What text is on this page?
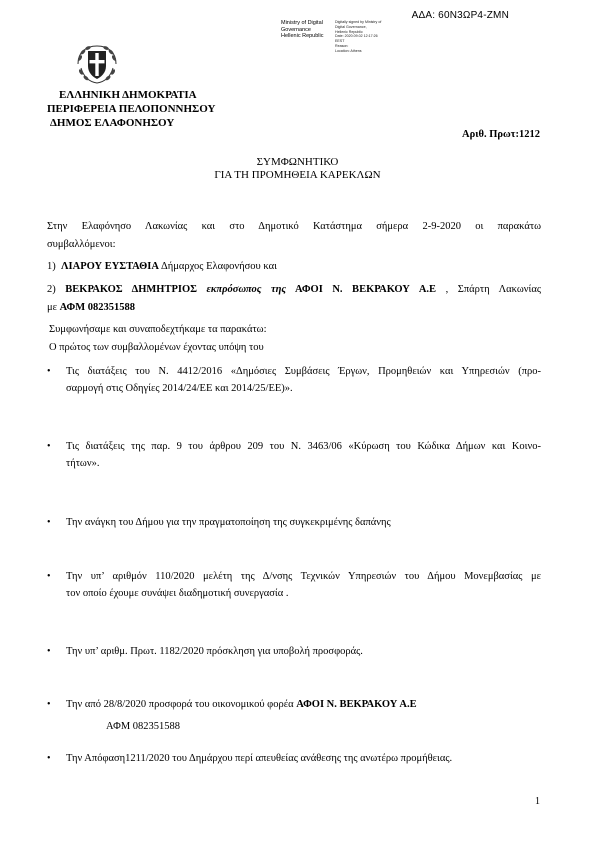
ΑΔΑ: 60Ν3ΩΡ4-ΖΜΝ
Ministry of Digital
Governance
Hellenic Republic
Digitally signed by Ministry of
Digital Governance,
Hellenic Republic
Date: 2020.09.02 12:17:26
EEST
Reason:
Location: Athens
ΕΛΛΗΝΙΚΗ ΔΗΜΟΚΡΑΤΙΑ
ΠΕΡΙΦΕΡΕΙΑ ΠΕΛΟΠΟΝΝΗΣΟΥ
ΔΗΜΟΣ ΕΛΑΦΟΝΗΣΟΥ
Αριθ. Πρωτ:1212
ΣΥΜΦΩΝΗΤΙΚΟ
ΓΙΑ ΤΗ ΠΡΟΜΗΘΕΙΑ ΚΑΡΕΚΛΩΝ
Στην Ελαφόνησο Λακωνίας και στο Δημοτικό Κατάστημα σήμερα 2-9-2020 οι παρακάτω
συμβαλλόμενοι:
1) ΛΙΑΡΟΥ ΕΥΣΤΑΘΙΑ Δήμαρχος Ελαφονήσου και
2) ΒΕΚΡΑΚΟΣ ΔΗΜΗΤΡΙΟΣ εκπρόσωπος της ΑΦΟΙ Ν. ΒΕΚΡΑΚΟΥ Α.Ε , Σπάρτη Λακωνίας
με ΑΦΜ 082351588
Συμφωνήσαμε και συναποδεχτήκαμε τα παρακάτω:
Ο πρώτος των συμβαλλομένων έχοντας υπόψη του
•	Τις διατάξεις του Ν. 4412/2016 «Δημόσιες Συμβάσεις Έργων, Προμηθειών και Υπηρεσιών (προ-
σαρμογή στις Οδηγίες 2014/24/ΕΕ και 2014/25/ΕΕ)».
•	Τις διατάξεις της παρ. 9 του άρθρου 209 του Ν. 3463/06 «Κύρωση του Κώδικα Δήμων και Κοινο-
τήτων».
•	Την ανάγκη του Δήμου για την πραγματοποίηση της συγκεκριμένης δαπάνης
•	Την υπ’ αριθμόν 110/2020 μελέτη της Δ/νσης Τεχνικών Υπηρεσιών του Δήμου Μονεμβασίας με
τον οποίο έχουμε συνάψει διαδημοτική συνεργασία .
•	Την υπ’ αριθμ. Πρωτ. 1182/2020 πρόσκληση για υποβολή προσφοράς.
•	Την από 28/8/2020 προσφορά του οικονομικού φορέα ΑΦΟΙ Ν. ΒΕΚΡΑΚΟΥ Α.Ε
ΑΦΜ 082351588
•	Την Απόφαση1211/2020 του Δημάρχου περί απευθείας ανάθεσης της ανωτέρω προμήθειας.
1
